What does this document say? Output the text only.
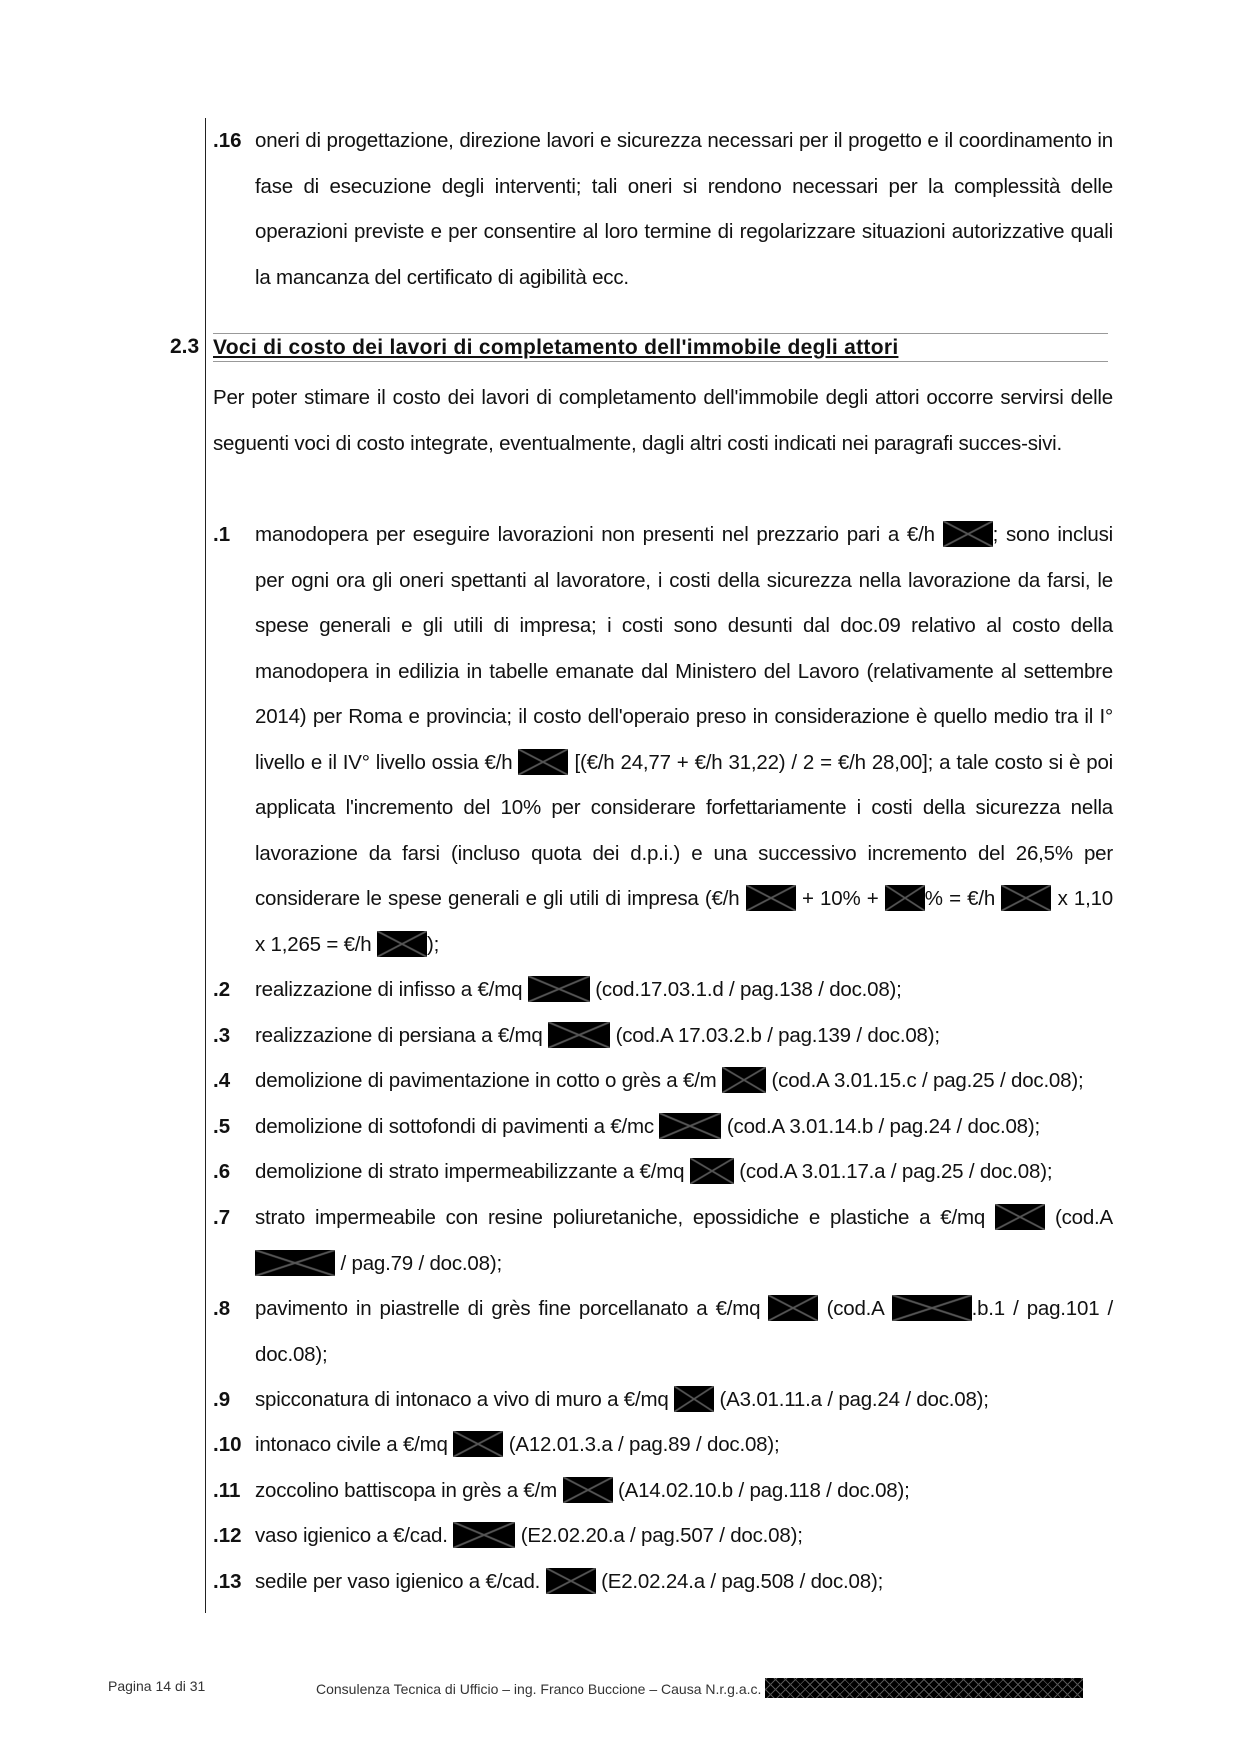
.16 oneri di progettazione, direzione lavori e sicurezza necessari per il progetto e il coordinamento in fase di esecuzione degli interventi; tali oneri si rendono necessari per la complessità delle operazioni previste e per consentire al loro termine di regolarizzare situazioni autorizzative quali la mancanza del certificato di agibilità ecc.
2.3 Voci di costo dei lavori di completamento dell'immobile degli attori
Per poter stimare il costo dei lavori di completamento dell'immobile degli attori occorre servirsi delle seguenti voci di costo integrate, eventualmente, dagli altri costi indicati nei paragrafi succes-sivi.
.1	manodopera per eseguire lavorazioni non presenti nel prezzario pari a €/h ; sono inclusi per ogni ora gli oneri spettanti al lavoratore, i costi della sicurezza nella lavorazione da farsi, le spese generali e gli utili di impresa; i costi sono desunti dal doc.09 relativo al costo della manodopera in edilizia in tabelle emanate dal Ministero del Lavoro (relativamente al settembre 2014) per Roma e provincia; il costo dell'operaio preso in considerazione è quello medio tra il I° livello e il IV° livello ossia €/h  [(€/h 24,77 + €/h 31,22) / 2 = €/h 28,00]; a tale costo si è poi applicata l'incremento del 10% per considerare forfettariamente i costi della sicurezza nella lavorazione da farsi (incluso quota dei d.p.i.) e una successivo incremento del 26,5% per considerare le spese generali e gli utili di impresa (€/h  + 10% + % = €/h  x 1,10 x 1,265 = €/h );
.2	realizzazione di infisso a €/mq	(cod.17.03.1.d / pag.138 / doc.08);
.3	realizzazione di persiana a €/mq	(cod.A 17.03.2.b / pag.139 / doc.08);
.4	demolizione di pavimentazione in cotto o grès a €/m  (cod.A 3.01.15.c / pag.25 / doc.08);
.5	demolizione di sottofondi di pavimenti a €/mc	(cod.A 3.01.14.b / pag.24 / doc.08);
.6	demolizione di strato impermeabilizzante a €/mq  (cod.A 3.01.17.a / pag.25 / doc.08);
.7	strato impermeabile con resine poliuretaniche, epossidiche e plastiche a €/mq  (cod.A  / pag.79 / doc.08);
.8	pavimento in piastrelle di grès fine porcellanato a €/mq  (cod.A	.b.1 / pag.101 / doc.08);
.9	spicconatura di intonaco a vivo di muro a €/mq  (A3.01.11.a / pag.24 / doc.08);
.10 intonaco civile a €/mq  (A12.01.3.a / pag.89 / doc.08);
.11 zoccolino battiscopa in grès a €/m  (A14.02.10.b / pag.118 / doc.08);
.12 vaso igienico a €/cad.	(E2.02.20.a / pag.507 / doc.08);
.13 sedile per vaso igienico a €/cad.  (E2.02.24.a / pag.508 / doc.08);
Pagina 14 di 31	Consulenza Tecnica di Ufficio – ing. Franco Buccione – Causa N.r.g.a.c.
